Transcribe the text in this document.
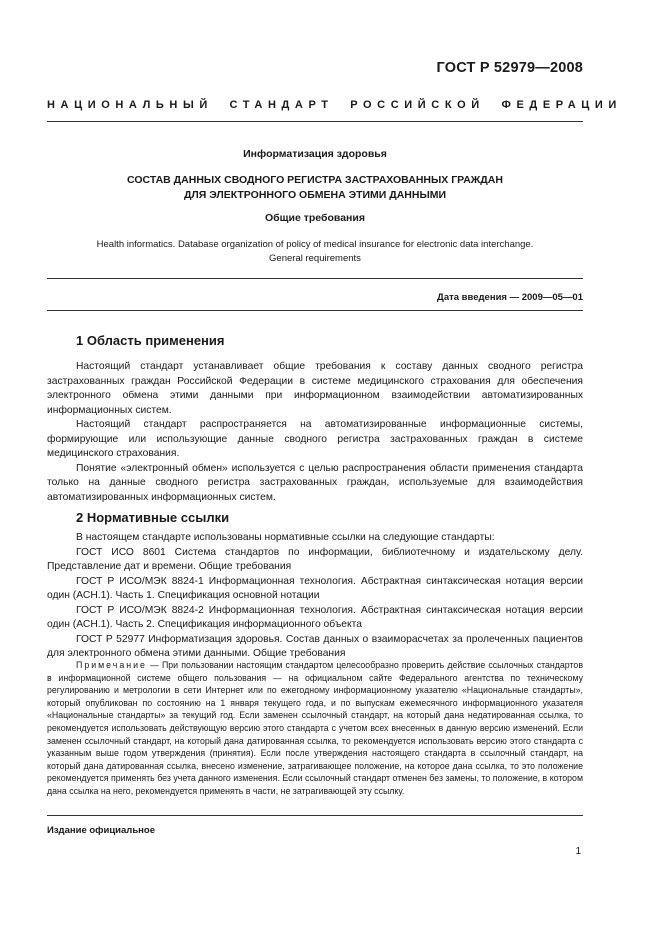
ГОСТ Р 52979—2008
НАЦИОНАЛЬНЫЙ СТАНДАРТ РОССИЙСКОЙ ФЕДЕРАЦИИ
Информатизация здоровья
СОСТАВ ДАННЫХ СВОДНОГО РЕГИСТРА ЗАСТРАХОВАННЫХ ГРАЖДАН
ДЛЯ ЭЛЕКТРОННОГО ОБМЕНА ЭТИМИ ДАННЫМИ
Общие требования
Health informatics. Database organization of policy of medical insurance for electronic data interchange.
General requirements
Дата введения — 2009—05—01
1 Область применения

Настоящий стандарт устанавливает общие требования к составу данных сводного регистра застрахованных граждан Российской Федерации в системе медицинского страхования для обеспечения электронного обмена этими данными при информационном взаимодействии автоматизированных информационных систем.

Настоящий стандарт распространяется на автоматизированные информационные системы, формирующие или использующие данные сводного регистра застрахованных граждан в системе медицинского страхования.

Понятие «электронный обмен» используется с целью распространения области применения стандарта только на данные сводного регистра застрахованных граждан, используемые для взаимодействия автоматизированных информационных систем.

2 Нормативные ссылки

В настоящем стандарте использованы нормативные ссылки на следующие стандарты:

ГОСТ ИСО 8601 Система стандартов по информации, библиотечному и издательскому делу. Представление дат и времени. Общие требования

ГОСТ Р ИСО/МЭК 8824-1 Информационная технология. Абстрактная синтаксическая нотация версии один (АСН.1). Часть 1. Спецификация основной нотации

ГОСТ Р ИСО/МЭК 8824-2 Информационная технология. Абстрактная синтаксическая нотация версии один (АСН.1). Часть 2. Спецификация информационного объекта

ГОСТ Р 52977 Информатизация здоровья. Состав данных о взаиморасчетах за пролеченных пациентов для электронного обмена этими данными. Общие требования

Примечание — При пользовании настоящим стандартом целесообразно проверить действие ссылочных стандартов в информационной системе общего пользования — на официальном сайте Федерального агентства по техническому регулированию и метрологии в сети Интернет или по ежегодному информационному указателю «Национальные стандарты», который опубликован по состоянию на 1 января текущего года, и по выпускам ежемесячного информационного указателя «Национальные стандарты» за текущий год. Если заменен ссылочный стандарт, на который дана недатированная ссылка, то рекомендуется использовать действующую версию этого стандарта с учетом всех внесенных в данную версию изменений. Если заменен ссылочный стандарт, на который дана датированная ссылка, то рекомендуется использовать версию этого стандарта с указанным выше годом утверждения (принятия). Если после утверждения настоящего стандарта в ссылочный стандарт, на который дана датированная ссылка, внесено изменение, затрагивающее положение, на которое дана ссылка, то это положение рекомендуется применять без учета данного изменения. Если ссылочный стандарт отменен без замены, то положение, в котором дана ссылка на него, рекомендуется применять в части, не затрагивающей эту ссылку.
Издание официальное
1
